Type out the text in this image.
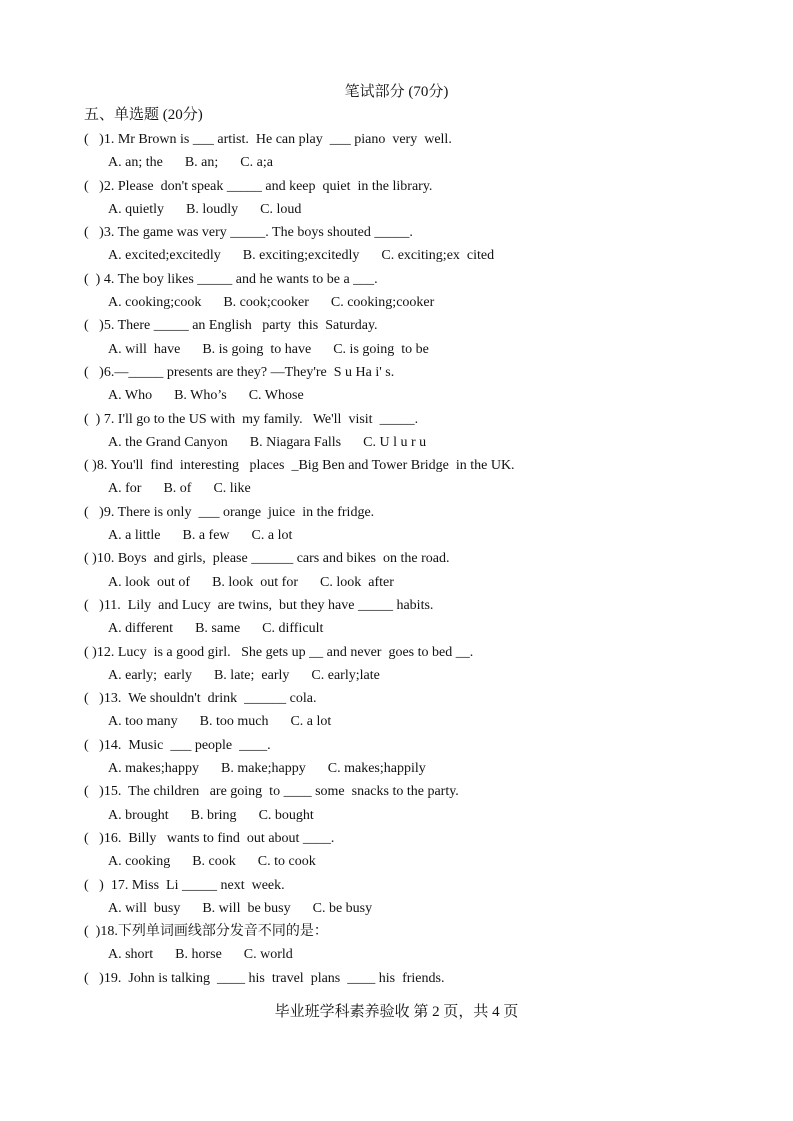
笔试部分 (70分)
五、单选题 (20分)
(   )1. Mr Brown is ___ artist.  He can play  ___ piano  very  well.
A. an; the B. an; C. a;a
(   )2. Please  don't speak _____ and keep  quiet  in the library.
A. quietly B. loudly C. loud
(   )3. The game was very _____. The boys shouted _____.
A. excited;excitedly B. exciting;excitedly C. exciting;ex  cited
(  ) 4. The boy likes _____ and he wants to be a ___.
A. cooking;cook B. cook;cooker C. cooking;cooker
(   )5. There _____ an English   party  this  Saturday.
A. will  have B. is going  to have C. is going  to be
(   )6.—_____ presents are they? —They're  S u Ha i' s.
A. Who B. Who’s C. Whose
(  ) 7. I'll go to the US with  my family.   We'll  visit  _____.
A. the Grand Canyon B. Niagara Falls C. U l u r u
( )8. You'll  find  interesting   places  _Big Ben and Tower Bridge  in the UK.
A. for B. of C. like
(   )9. There is only  ___ orange  juice  in the fridge.
A. a little B. a few C. a lot
( )10. Boys  and girls,  please ______ cars and bikes  on the road.
A. look  out of B. look  out for C. look  after
(   )11.  Lily  and Lucy  are twins,  but they have _____ habits.
A. different B. same C. difficult
( )12. Lucy  is a good girl.   She gets up __ and never  goes to bed __.
A. early;  early B. late;  early C. early;late
(   )13.  We shouldn't  drink  ______ cola.
A. too many B. too much C. a lot
(   )14.  Music  ___ people  ____.
A. makes;happy B. make;happy C. makes;happily
(   )15.  The children   are going  to ____ some  snacks to the party.
A. brought B. bring C. bought
(   )16.  Billy   wants to find  out about ____.
A. cooking B. cook C. to cook
(   )  17. Miss  Li _____ next  week.
A. will  busy B. will  be busy C. be busy
(  )18.下列单词画线部分发音不同的是：
A. short B. horse C. world
(   )19.  John is talking  ____ his  travel  plans  ____ his  friends.
毕业班学科素养验收 第 2 页，共 4 页
